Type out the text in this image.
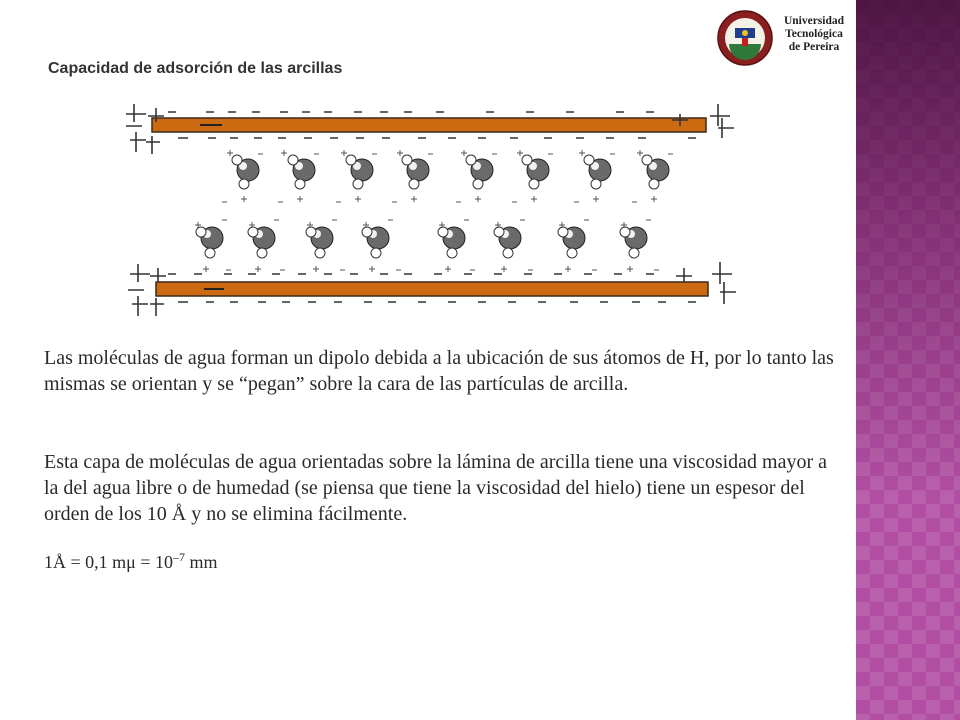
Universidad
Tecnológica
de Pereira
Capacidad de adsorción de las arcillas

Las moléculas de agua forman un dipolo debida a la ubicación de sus átomos de H, por lo tanto las mismas se orientan y se “pegan” sobre la cara de las partículas de arcilla.

Esta capa de moléculas de agua orientadas sobre la lámina de arcilla tiene una viscosidad mayor a la del agua libre o de humedad (se piensa que tiene la viscosidad del hielo) tiene un espesor del orden de los 10 Å y no se elimina fácilmente.

1Å = 0,1 $m\mu = 10^{-7}$ mm
